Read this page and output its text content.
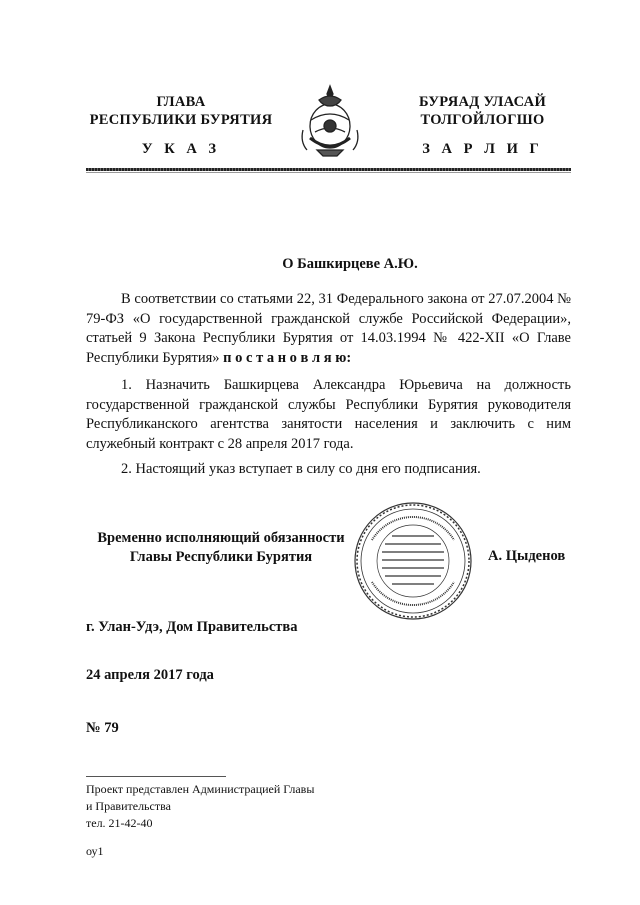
ГЛАВА
РЕСПУБЛИКИ БУРЯТИЯ
У К А З
БУРЯАД УЛАСАЙ
ТОЛГОЙЛОГШО
З А Р Л И Г
О Башкирцеве А.Ю.
В соответствии со статьями 22, 31 Федерального закона от 27.07.2004 № 79-ФЗ «О государственной гражданской службе Российской Федерации», статьей 9 Закона Республики Бурятия от 14.03.1994 № 422-XII «О Главе Республики Бурятия» п о с т а н о в л я ю:
1. Назначить Башкирцева Александра Юрьевича на должность государственной гражданской службы Республики Бурятия руководителя Республиканского агентства занятости населения и заключить с ним служебный контракт с 28 апреля 2017 года.
2. Настоящий указ вступает в силу со дня его подписания.
Временно исполняющий обязанности
Главы Республики Бурятия	А. Цыденов
г. Улан-Удэ, Дом Правительства
24 апреля 2017 года
№ 79
Проект представлен Администрацией Главы
и Правительства
тел. 21-42-40
оу1
